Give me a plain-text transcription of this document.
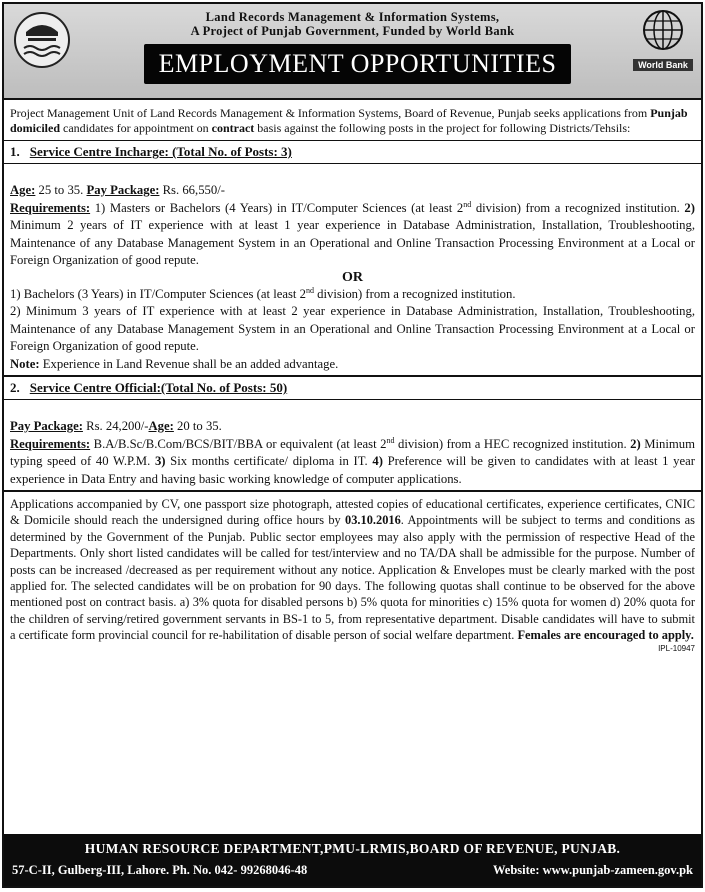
Land Records Management & Information Systems,
A Project of Punjab Government, Funded by World Bank
EMPLOYMENT OPPORTUNITIES	World Bank
Project Management Unit of Land Records Management & Information Systems, Board of Revenue, Punjab seeks applications from Punjab domiciled candidates for appointment on contract basis against the following posts in the project for following Districts/Tehsils:
1. Service Centre Incharge: (Total No. of Posts: 3)

Age: 25 to 35. Pay Package: Rs. 66,550/-

Requirements: 1) Masters or Bachelors (4 Years) in IT/Computer Sciences (at least 2nd division) from a recognized institution. 2) Minimum 2 years of IT experience with at least 1 year experience in Database Administration, Installation, Troubleshooting, Maintenance of any Database Management System in an Operational and Online Transaction Processing Environment at a Local or Foreign Organization of good repute.

OR

1) Bachelors (3 Years) in IT/Computer Sciences (at least 2nd division) from a recognized institution.

2) Minimum 3 years of IT experience with at least 2 year experience in Database Administration, Installation, Troubleshooting, Maintenance of any Database Management System in an Operational and Online Transaction Processing Environment at a Local or Foreign Organization of good repute.

Note: Experience in Land Revenue shall be an added advantage.

2. Service Centre Official:(Total No. of Posts: 50)

Pay Package: Rs. 24,200/-Age: 20 to 35.

Requirements: B.A/B.Sc/B.Com/BCS/BIT/BBA or equivalent (at least 2nd division) from a HEC recognized institution. 2) Minimum typing speed of 40 W.P.M. 3) Six months certificate/ diploma in IT. 4) Preference will be given to candidates with at least 1 year experience in Data Entry and having basic working knowledge of computer applications.

Applications accompanied by CV, one passport size photograph, attested copies of educational certificates, experience certificates, CNIC & Domicile should reach the undersigned during office hours by 03.10.2016. Appointments will be subject to terms and conditions as determined by the Government of the Punjab. Public sector employees may also apply with the permission of respective Head of the Departments. Only short listed candidates will be called for test/interview and no TA/DA shall be admissible for the purpose. Number of posts can be increased /decreased as per requirement without any notice. Application & Envelopes must be clearly marked with the post applied for. The selected candidates will be on probation for 90 days. The following quotas shall continue to be observed for the above mentioned post on contract basis. a) 3% quota for disabled persons b) 5% quota for minorities c) 15% quota for women d) 20% quota for the children of serving/retired government servants in BS-1 to 5, from representative department. Disable candidates will have to submit a certificate form provincial council for re-habilitation of disable person of social welfare department. Females are encouraged to apply.

IPL-10947
HUMAN RESOURCE DEPARTMENT,PMU-LRMIS,BOARD OF REVENUE, PUNJAB.
57-C-II, Gulberg-III, Lahore. Ph. No. 042- 99268046-48	Website: www.punjab-zameen.gov.pk
